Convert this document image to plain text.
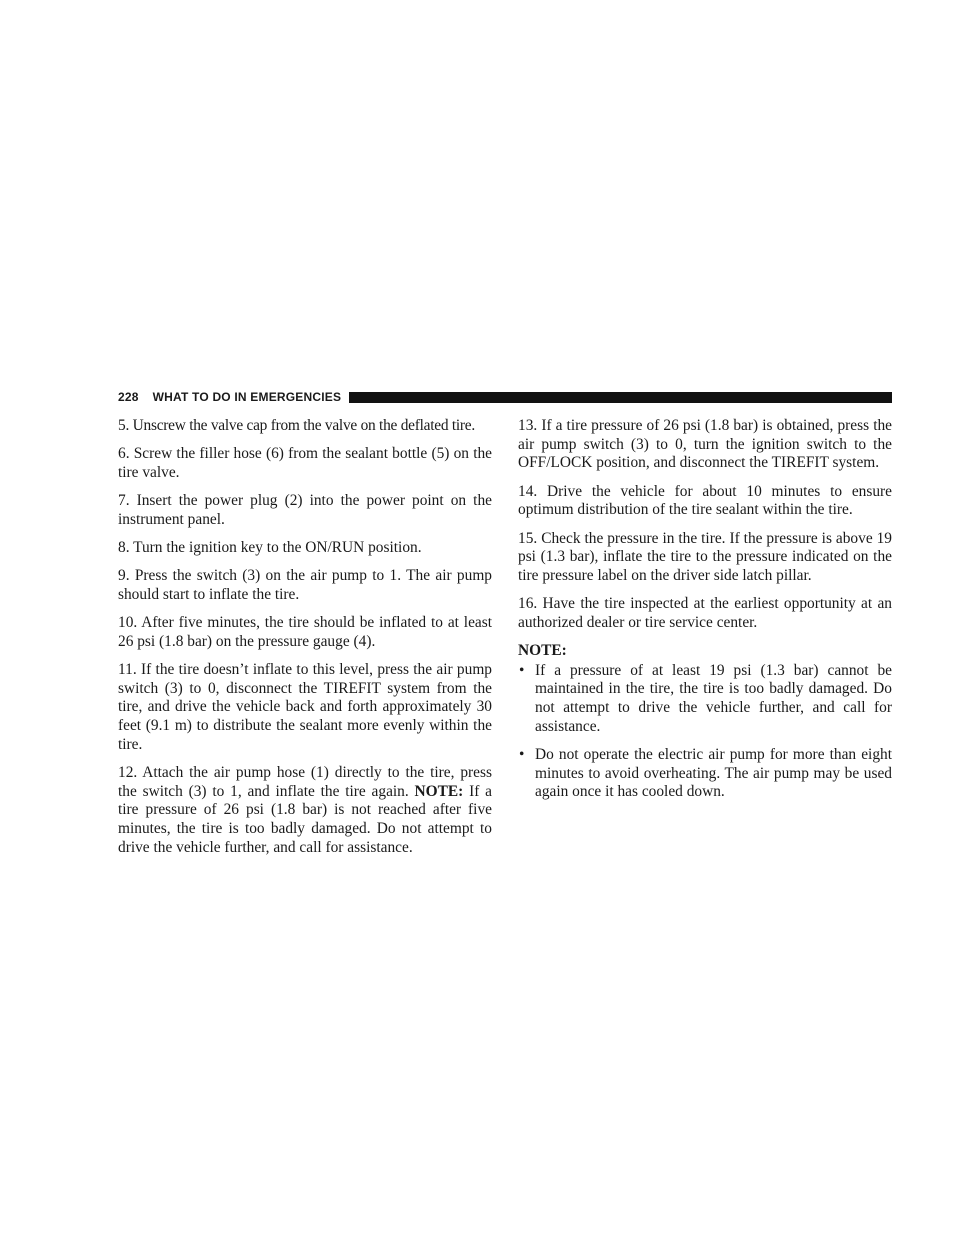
228 WHAT TO DO IN EMERGENCIES

5. Unscrew the valve cap from the valve on the deflated tire.

6. Screw the filler hose (6) from the sealant bottle (5) on the tire valve.

7. Insert the power plug (2) into the power point on the instrument panel.

8. Turn the ignition key to the ON/RUN position.

9. Press the switch (3) on the air pump to 1. The air pump should start to inflate the tire.

10. After five minutes, the tire should be inflated to at least 26 psi (1.8 bar) on the pressure gauge (4).

11. If the tire doesn’t inflate to this level, press the air pump switch (3) to 0, disconnect the TIREFIT system from the tire, and drive the vehicle back and forth approximately 30 feet (9.1 m) to distribute the sealant more evenly within the tire.

12. Attach the air pump hose (1) directly to the tire, press the switch (3) to 1, and inflate the tire again. NOTE: If a tire pressure of 26 psi (1.8 bar) is not reached after five minutes, the tire is too badly damaged. Do not attempt to drive the vehicle further, and call for assistance.

13. If a tire pressure of 26 psi (1.8 bar) is obtained, press the air pump switch (3) to 0, turn the ignition switch to the OFF/LOCK position, and disconnect the TIREFIT system.

14. Drive the vehicle for about 10 minutes to ensure optimum distribution of the tire sealant within the tire.

15. Check the pressure in the tire. If the pressure is above 19 psi (1.3 bar), inflate the tire to the pressure indicated on the tire pressure label on the driver side latch pillar.

16. Have the tire inspected at the earliest opportunity at an authorized dealer or tire service center.

NOTE:
• If a pressure of at least 19 psi (1.3 bar) cannot be maintained in the tire, the tire is too badly damaged. Do not attempt to drive the vehicle further, and call for assistance.
• Do not operate the electric air pump for more than eight minutes to avoid overheating. The air pump may be used again once it has cooled down.
